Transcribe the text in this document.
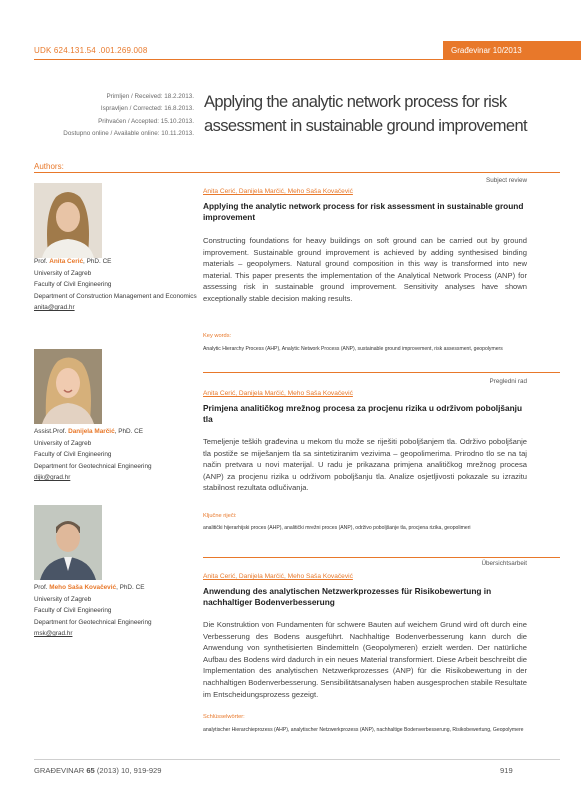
UDK 624.131.54 .001.269.008	Građevinar 10/2013
Primljen / Received: 18.2.2013.
Ispravljen / Corrected: 16.8.2013.
Prihvaćen / Accepted: 15.10.2013.
Dostupno online / Available online: 10.11.2013.
Applying the analytic network process for risk assessment in sustainable ground improvement
Authors:
Prof. Anita Cerić, PhD. CE
University of Zagreb
Faculty of Civil Engineering
Department of Construction Management and Economics
anita@grad.hr
Assist.Prof. Danijela Marčić, PhD. CE
University of Zagreb
Faculty of Civil Engineering
Department for Geotechnical Engineering
dijk@grad.hr
Prof. Meho Saša Kovačević, PhD. CE
University of Zagreb
Faculty of Civil Engineering
Department for Geotechnical Engineering
msk@grad.hr
Subject review
Anita Cerić, Danijela Marčić, Meho Saša Kovačević
Applying the analytic network process for risk assessment in sustainable ground improvement
Constructing foundations for heavy buildings on soft ground can be carried out by ground improvement. Sustainable ground improvement is achieved by adding synthesised binding materials – geopolymers. Natural ground composition in this way is transformed into new material. This paper presents the implementation of the Analytical Network Process (ANP) for assessing risk in sustainable ground improvement. Sensitivity analyses have shown exceptionally stable decision making results.
Key words:
Analytic Hierarchy Process (AHP), Analytic Network Process (ANP), sustainable ground improvement, risk assessment, geopolymers
Pregledni rad
Anita Cerić, Danijela Marčić, Meho Saša Kovačević
Primjena analitičkog mrežnog procesa za procjenu rizika u održivom poboljšanju tla
Temeljenje teških građevina u mekom tlu može se riješiti poboljšanjem tla. Održivo poboljšanje tla postiže se miješanjem tla sa sintetiziranim vezivima – geopolimerima. Prirodno tlo se na taj način pretvara u novi materijal. U radu je prikazana primjena analitičkog mrežnog procesa (ANP) za procjenu rizika u održivom poboljšanju tla. Analize osjetljivosti pokazale su izrazitu stabilnost rezultata odlučivanja.
Ključne riječi:
analitički hijerarhijski proces (AHP), analitički mrežni proces (ANP), održivo poboljšanje tla, procjena rizika, geopolimeri
Übersichtsarbeit
Anita Cerić, Danijela Marčić, Meho Saša Kovačević
Anwendung des analytischen Netzwerkprozesses für Risikobewertung in nachhaltiger Bodenverbesserung
Die Konstruktion von Fundamenten für schwere Bauten auf weichem Grund wird oft durch eine Verbesserung des Bodens ausgeführt. Nachhaltige Bodenverbesserung kann durch die Anwendung von synthetisierten Bindemitteln (Geopolymeren) erzielt werden. Der natürliche Aufbau des Bodens wird dadurch in ein neues Material transformiert. Diese Arbeit beschreibt die Implementation des analytischen Netzwerkprozesses (ANP) für die Risikobewertung in der nachhaltigen Bodenverbesserung. Sensibilitätsanalysen haben ausgesprochen stabile Resultate im Entscheidungsprozess gezeigt.
Schlüsselwörter:
analytischer Hierarchieprozess (AHP), analytischer Netzwerkprozess (ANP), nachhaltige Bodenverbesserung, Risikobewertung, Geopolymere
GRAĐEVINAR 65 (2013) 10, 919-929	919
